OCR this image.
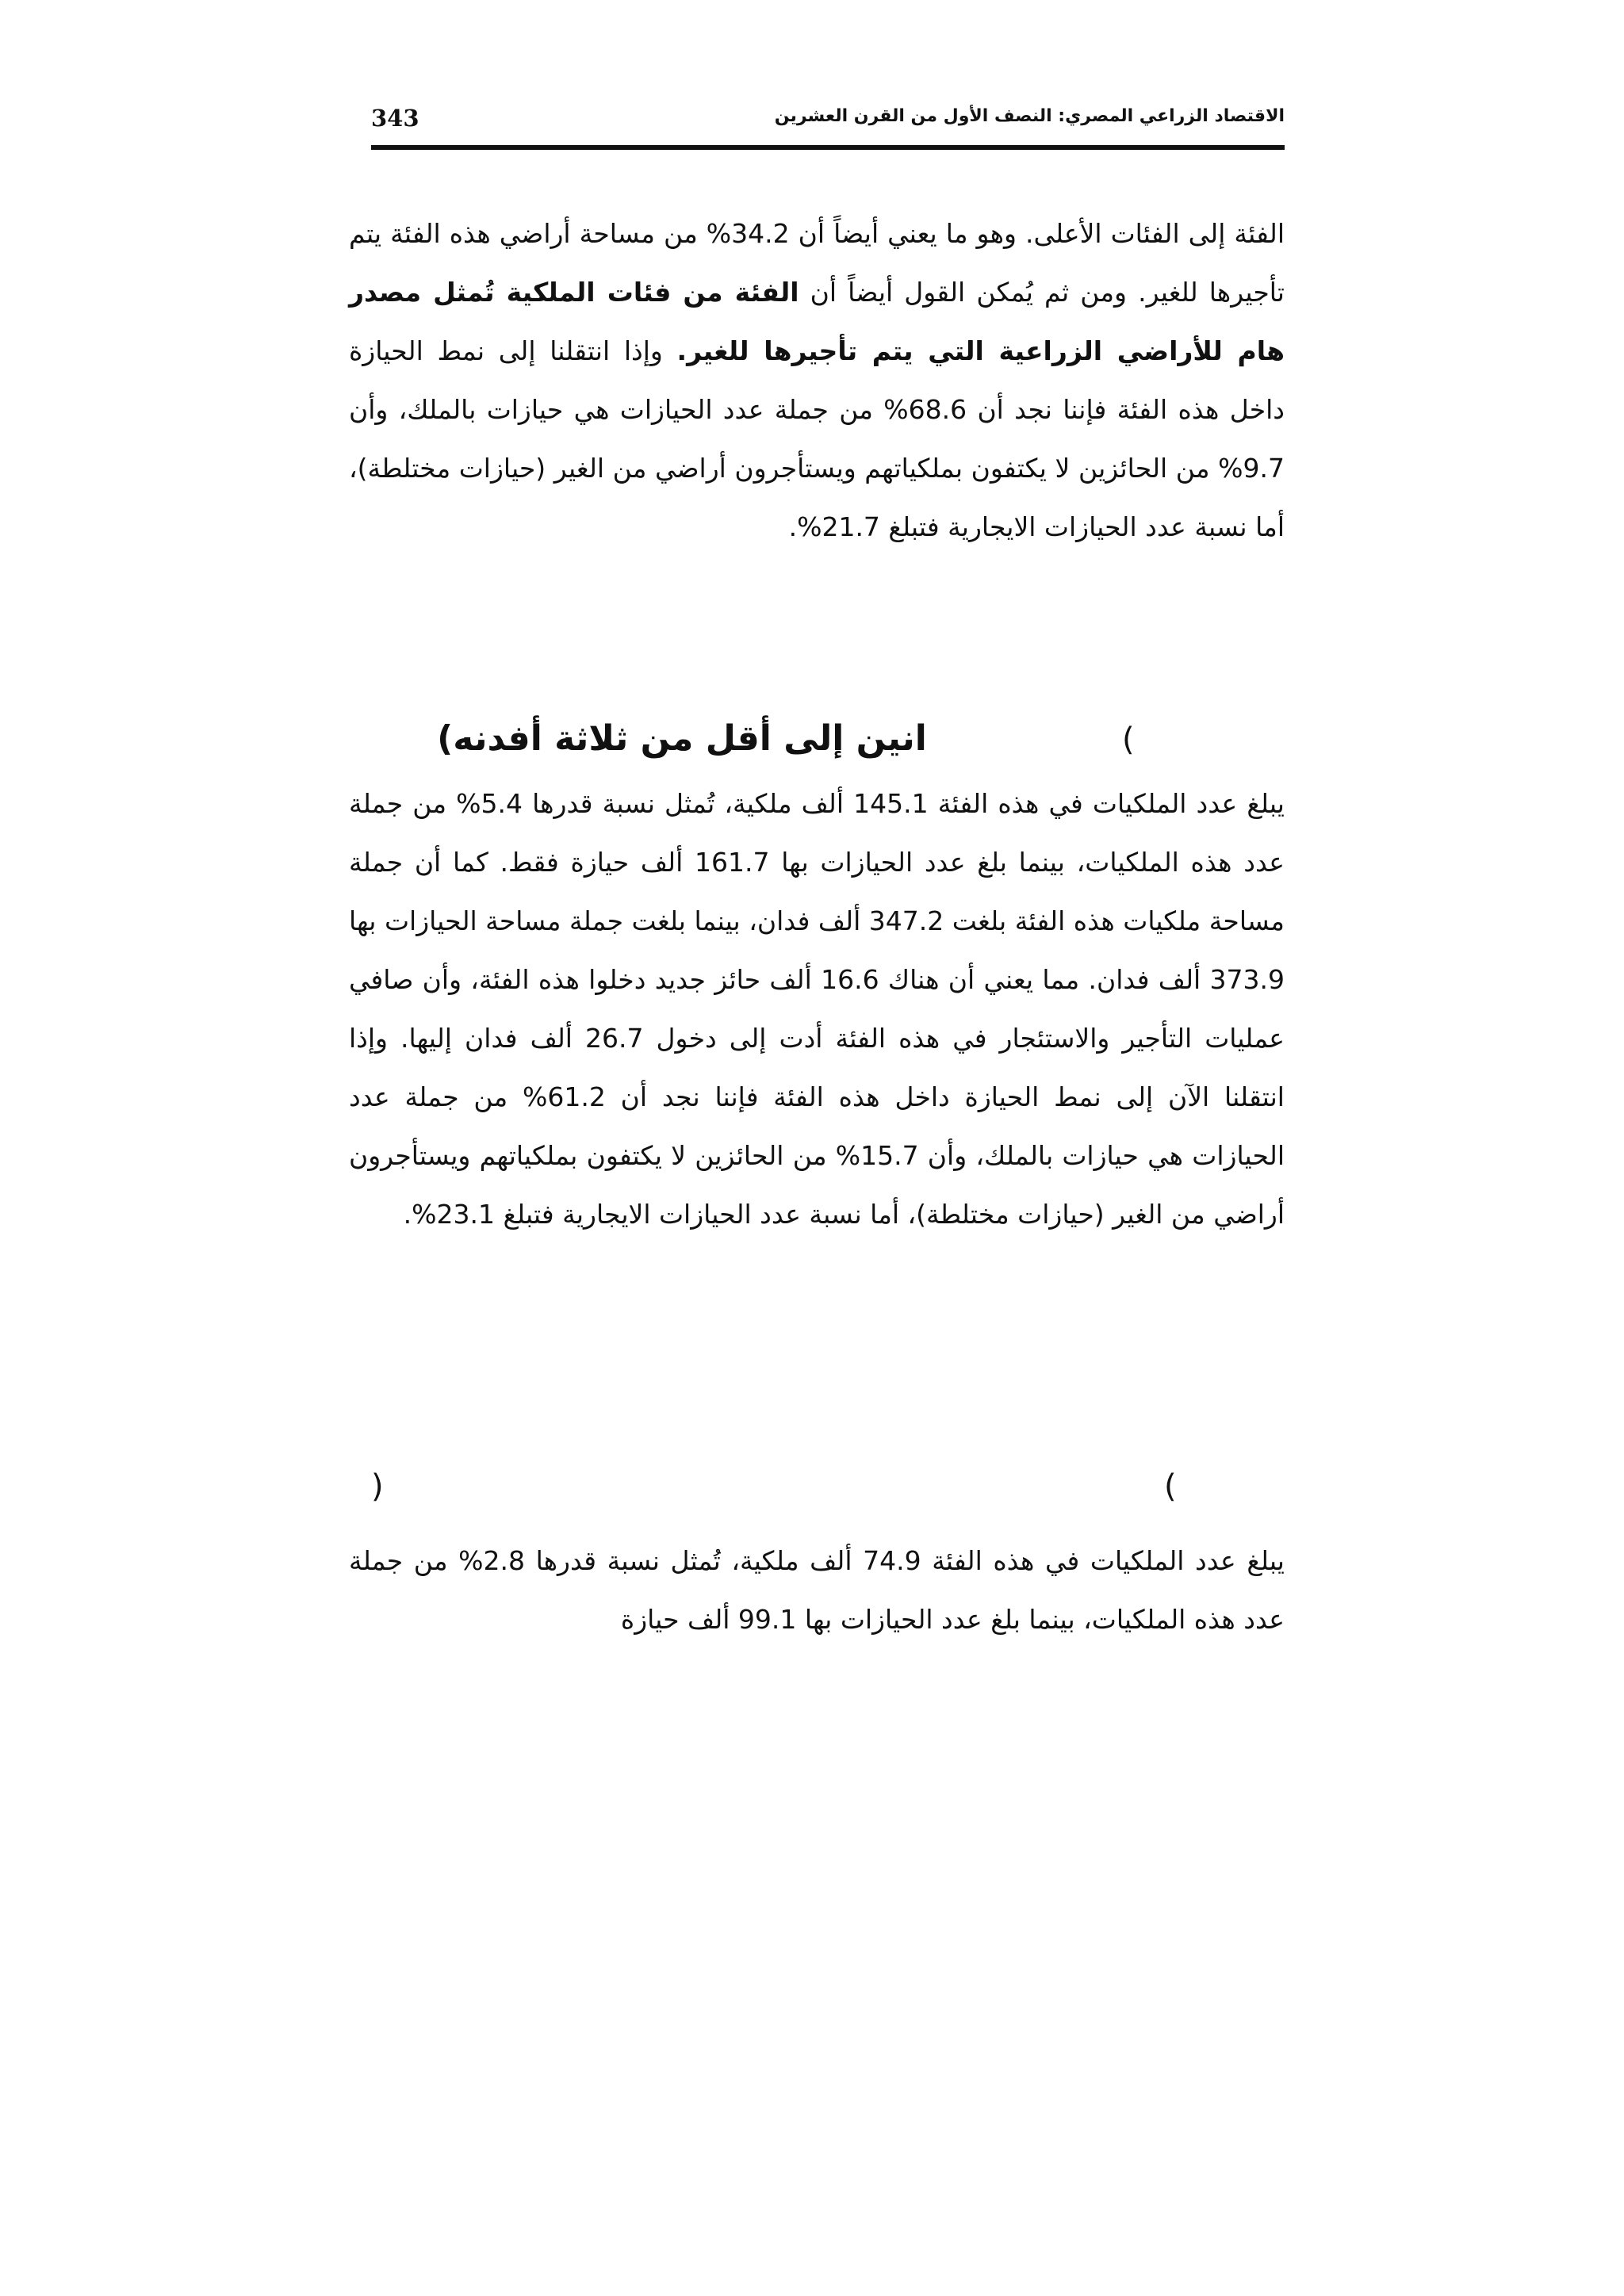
343	الاقتصاد الزراعي المصري: النصف الأول من القرن العشرين

الفئة إلى الفئات الأعلى. وهو ما يعني أيضاً أن 34.2% من مساحة أراضي هذه الفئة يتم تأجيرها للغير. ومن ثم يُمكن القول أيضاً أن الفئة من فئات الملكية تُمثل مصدر هام للأراضي الزراعية التي يتم تأجيرها للغير. وإذا انتقلنا إلى نمط الحيازة داخل هذه الفئة فإننا نجد أن 68.6% من جملة عدد الحيازات هي حيازات بالملك، وأن 9.7% من الحائزين لا يكتفون بملكياتهم ويستأجرون أراضي من الغير (حيازات مختلطة)، أما نسبة عدد الحيازات الايجارية فتبلغ 21.7%.

(
انين إلى أقل من ثلاثة أفدنه)

يبلغ عدد الملكيات في هذه الفئة 145.1 ألف ملكية، تُمثل نسبة قدرها 5.4% من جملة عدد هذه الملكيات، بينما بلغ عدد الحيازات بها 161.7 ألف حيازة فقط. كما أن جملة مساحة ملكيات هذه الفئة بلغت 347.2 ألف فدان، بينما بلغت جملة مساحة الحيازات بها 373.9 ألف فدان. مما يعني أن هناك 16.6 ألف حائز جديد دخلوا هذه الفئة، وأن صافي عمليات التأجير والاستئجار في هذه الفئة أدت إلى دخول 26.7 ألف فدان إليها. وإذا انتقلنا الآن إلى نمط الحيازة داخل هذه الفئة فإننا نجد أن 61.2% من جملة عدد الحيازات هي حيازات بالملك، وأن 15.7% من الحائزين لا يكتفون بملكياتهم ويستأجرون أراضي من الغير (حيازات مختلطة)، أما نسبة عدد الحيازات الايجارية فتبلغ 23.1%.

(
)

يبلغ عدد الملكيات في هذه الفئة 74.9 ألف ملكية، تُمثل نسبة قدرها 2.8% من جملة عدد هذه الملكيات، بينما بلغ عدد الحيازات بها 99.1 ألف حيازة
